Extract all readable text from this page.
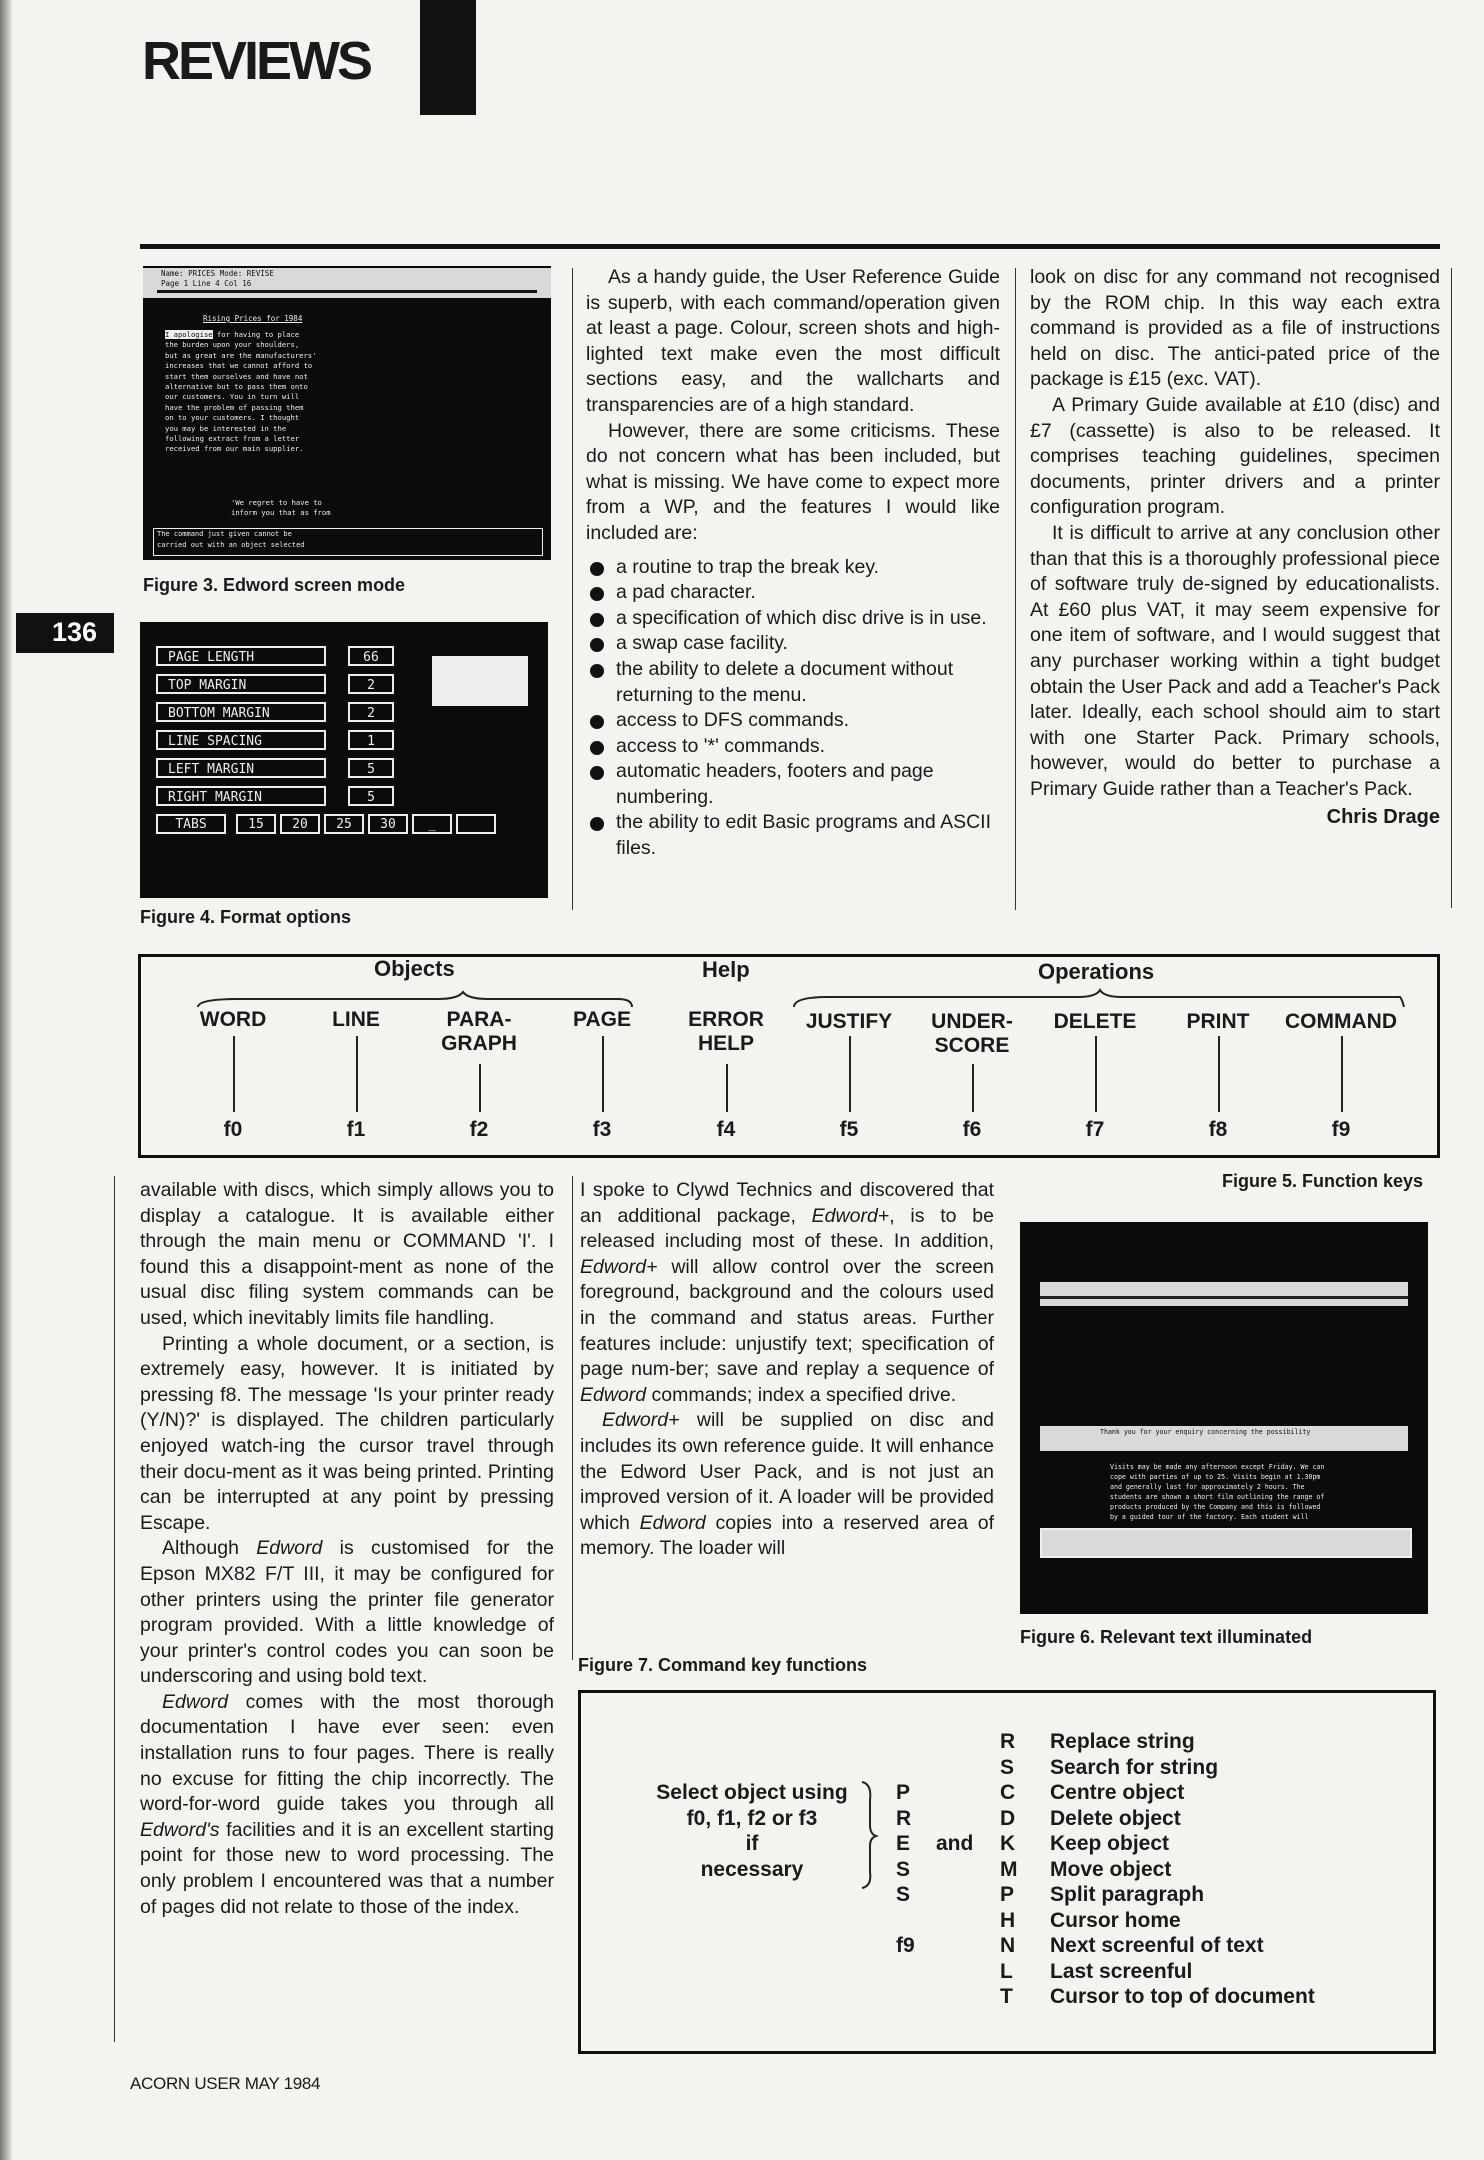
REVIEWS
136
Name: PRICES Mode: REVISE
Page 1 Line 4 Col 16
Rising Prices for 1984
I apologise for having to place
the burden upon your shoulders,
but as great are the manufacturers'
increases that we cannot afford to
start them ourselves and have not
alternative but to pass them onto
our customers. You in turn will
have the problem of passing them
on to your customers. I thought
you may be interested in the
following extract from a letter
received from our main supplier.
'We regret to have to
inform you that as from
The command just given cannot be
carried out with an object selected
Figure 3. Edword screen mode
PAGE LENGTH	66
TOP MARGIN	2
BOTTOM MARGIN	2
LINE SPACING	1
LEFT MARGIN	5
RIGHT MARGIN	5
TABS	15	20	25	30	_
Figure 4. Format options

As a handy guide, the User Reference Guide is superb, with each command/operation given at least a page. Colour, screen shots and high-lighted text make even the most difficult sections easy, and the wallcharts and transparencies are of a high standard.

However, there are some criticisms. These do not concern what has been included, but what is missing. We have come to expect more from a WP, and the features I would like included are:

a routine to trap the break key.
a pad character.
a specification of which disc drive is in use.
a swap case facility.
the ability to delete a document without returning to the menu.
access to DFS commands.
access to '*' commands.
automatic headers, footers and page numbering.
the ability to edit Basic programs and ASCII files.

look on disc for any command not recognised by the ROM chip. In this way each extra command is provided as a file of instructions held on disc. The antici-pated price of the package is £15 (exc. VAT).

A Primary Guide available at £10 (disc) and £7 (cassette) is also to be released. It comprises teaching guidelines, specimen documents, printer drivers and a printer configuration program.

It is difficult to arrive at any conclusion other than that this is a thoroughly professional piece of software truly de-signed by educationalists. At £60 plus VAT, it may seem expensive for one item of software, and I would suggest that any purchaser working within a tight budget obtain the User Pack and add a Teacher's Pack later. Ideally, each school should aim to start with one Starter Pack. Primary schools, however, would do better to purchase a Primary Guide rather than a Teacher's Pack.

Chris Drage
Objects	Help	Operations
WORD
f0
LINE
f1
PARA-
GRAPH
f2
PAGE
f3
ERROR
HELP
f4
JUSTIFY
f5
UNDER-
SCORE
f6
DELETE
f7
PRINT
f8
COMMAND
f9
Figure 5. Function keys

available with discs, which simply allows you to display a catalogue. It is available either through the main menu or COMMAND 'I'. I found this a disappoint-ment as none of the usual disc filing system commands can be used, which inevitably limits file handling.

Printing a whole document, or a section, is extremely easy, however. It is initiated by pressing f8. The message 'Is your printer ready (Y/N)?' is displayed. The children particularly enjoyed watch-ing the cursor travel through their docu-ment as it was being printed. Printing can be interrupted at any point by pressing Escape.

Although Edword is customised for the Epson MX82 F/T III, it may be configured for other printers using the printer file generator program provided. With a little knowledge of your printer's control codes you can soon be underscoring and using bold text.

Edword comes with the most thorough documentation I have ever seen: even installation runs to four pages. There is really no excuse for fitting the chip incorrectly. The word-for-word guide takes you through all Edword's facilities and it is an excellent starting point for those new to word processing. The only problem I encountered was that a number of pages did not relate to those of the index.

I spoke to Clywd Technics and discovered that an additional package, Edword+, is to be released including most of these. In addition, Edword+ will allow control over the screen foreground, background and the colours used in the command and status areas. Further features include: unjustify text; specification of page num-ber; save and replay a sequence of Edword commands; index a specified drive.

Edword+ will be supplied on disc and includes its own reference guide. It will enhance the Edword User Pack, and is not just an improved version of it. A loader will be provided which Edword copies into a reserved area of memory. The loader will

Thank you for your enquiry concerning the possibility
Visits may be made any afternoon except Friday. We can
cope with parties of up to 25. Visits begin at 1.30pm
and generally last for approximately 2 hours. The
students are shown a short film outlining the range of
products produced by the Company and this is followed
by a guided tour of the factory. Each student will
Figure 6. Relevant text illuminated
Figure 7. Command key functions
Select object using
f0, f1, f2 or f3
if
necessary
P
R
E
S
S
f9
and
R Replace string
S Search for string
C Centre object
D Delete object
K Keep object
M Move object
P Split paragraph
H Cursor home
N Next screenful of text
L Last screenful
T Cursor to top of document
ACORN USER MAY 1984
